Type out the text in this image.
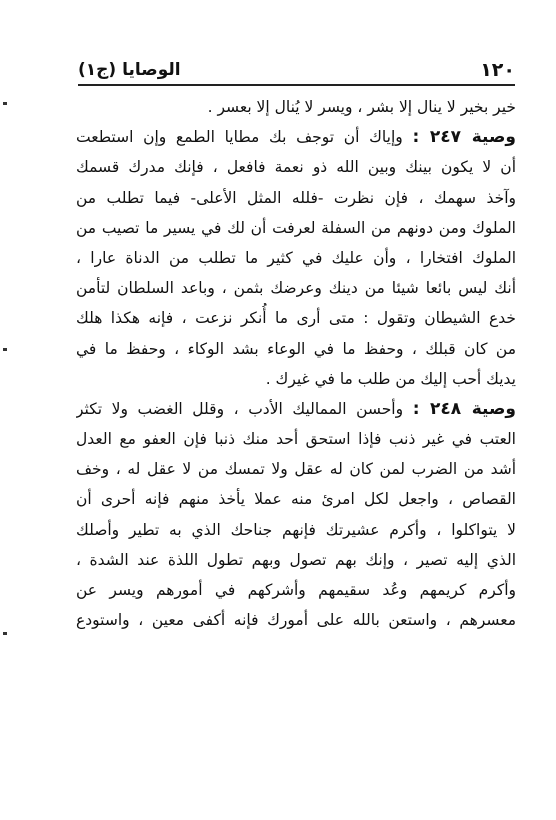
١٢٠
الوصايا (ج١)
خير بخير لا ينال إلا بشر ، ويسر لا يُنال إلا بعسر .
وصية ٢٤٧ : وإياك أن توجف بك مطايا الطمع وإن استطعت
أن لا يكون بينك وبين الله ذو نعمة فافعل ، فإنك مدرك قسمك
وآخذ سهمك ، فإن نظرت -فلله المثل الأعلى- فيما تطلب من
الملوك ومن دونهم من السفلة لعرفت أن لك في يسير ما تصيب من
الملوك افتخارا ، وأن عليك في كثير ما تطلب من الدناة عارا ،
أنك ليس بائعا شيئا من دينك وعرضك بثمن ، وباعد السلطان لتأمن
خدع الشيطان وتقول : متى أرى ما أُنكر نزعت ، فإنه هكذا هلك
من كان قبلك ، وحفظ ما في الوعاء بشد الوكاء ، وحفظ ما في
يديك أحب إليك من طلب ما في غيرك .
وصية ٢٤٨ : وأحسن المماليك الأدب ، وقلل الغضب ولا تكثر
العتب في غير ذنب فإذا استحق أحد منك ذنبا فإن العفو مع العدل
أشد من الضرب لمن كان له عقل ولا تمسك من لا عقل له ، وخف
القصاص ، واجعل لكل امرئ منه عملا يأخذ منهم فإنه أحرى أن
لا يتواكلوا ، وأكرم عشيرتك فإنهم جناحك الذي به تطير وأصلك
الذي إليه تصير ، وإنك بهم تصول وبهم تطول اللذة عند الشدة ،
وأكرم كريمهم وعُد سقيمهم وأشركهم في أمورهم ويسر عن
معسرهم ، واستعن بالله على أمورك فإنه أكفى معين ، واستودع
